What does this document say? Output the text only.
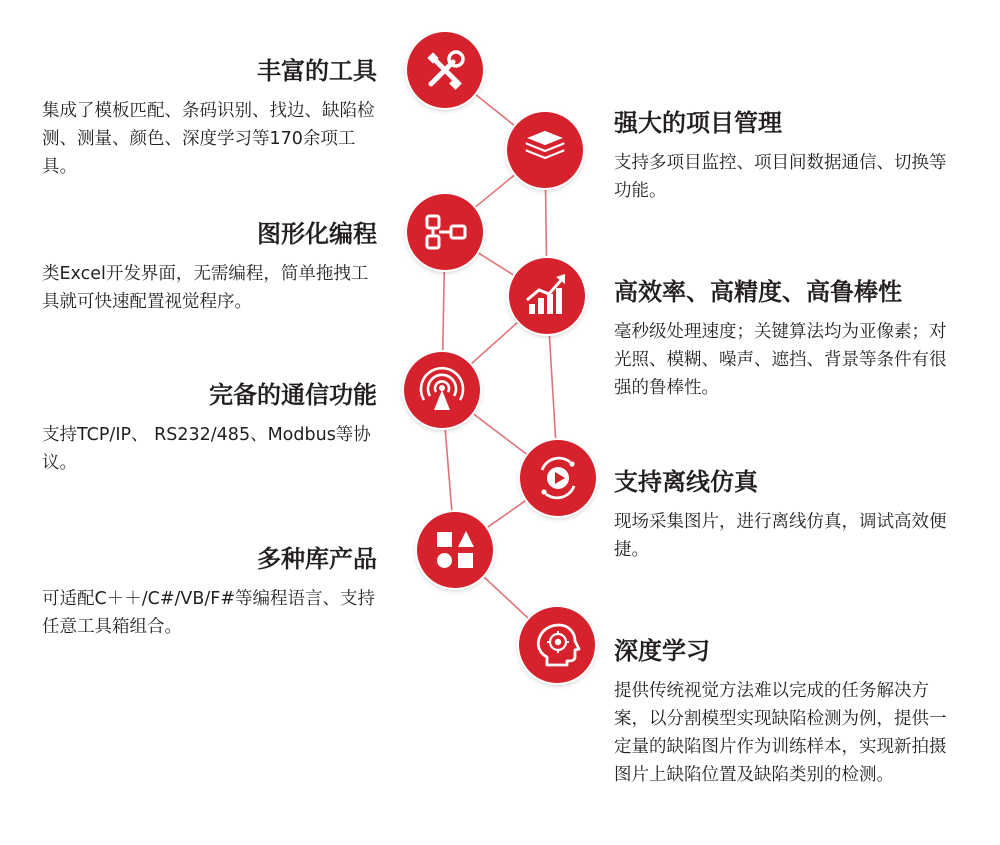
丰富的工具

集成了模板匹配、条码识别、找边、缺陷检测、测量、颜色、深度学习等170余项工具。

强大的项目管理

支持多项目监控、项目间数据通信、切换等功能。

图形化编程

类Excel开发界面，无需编程，简单拖拽工具就可快速配置视觉程序。	高效率、高精度、高鲁棒性

毫秒级处理速度；关键算法均为亚像素；对光照、模糊、噪声、遮挡、背景等条件有很强的鲁棒性。

完备的通信功能

支持TCP/IP、 RS232/485、Modbus等协议。

支持离线仿真

现场采集图片，进行离线仿真，调试高效便捷。

多种库产品

可适配C＋＋/C#/VB/F#等编程语言、支持任意工具箱组合。

深度学习

提供传统视觉方法难以完成的任务解决方案，以分割模型实现缺陷检测为例，提供一定量的缺陷图片作为训练样本，实现新拍摄图片上缺陷位置及缺陷类别的检测。
